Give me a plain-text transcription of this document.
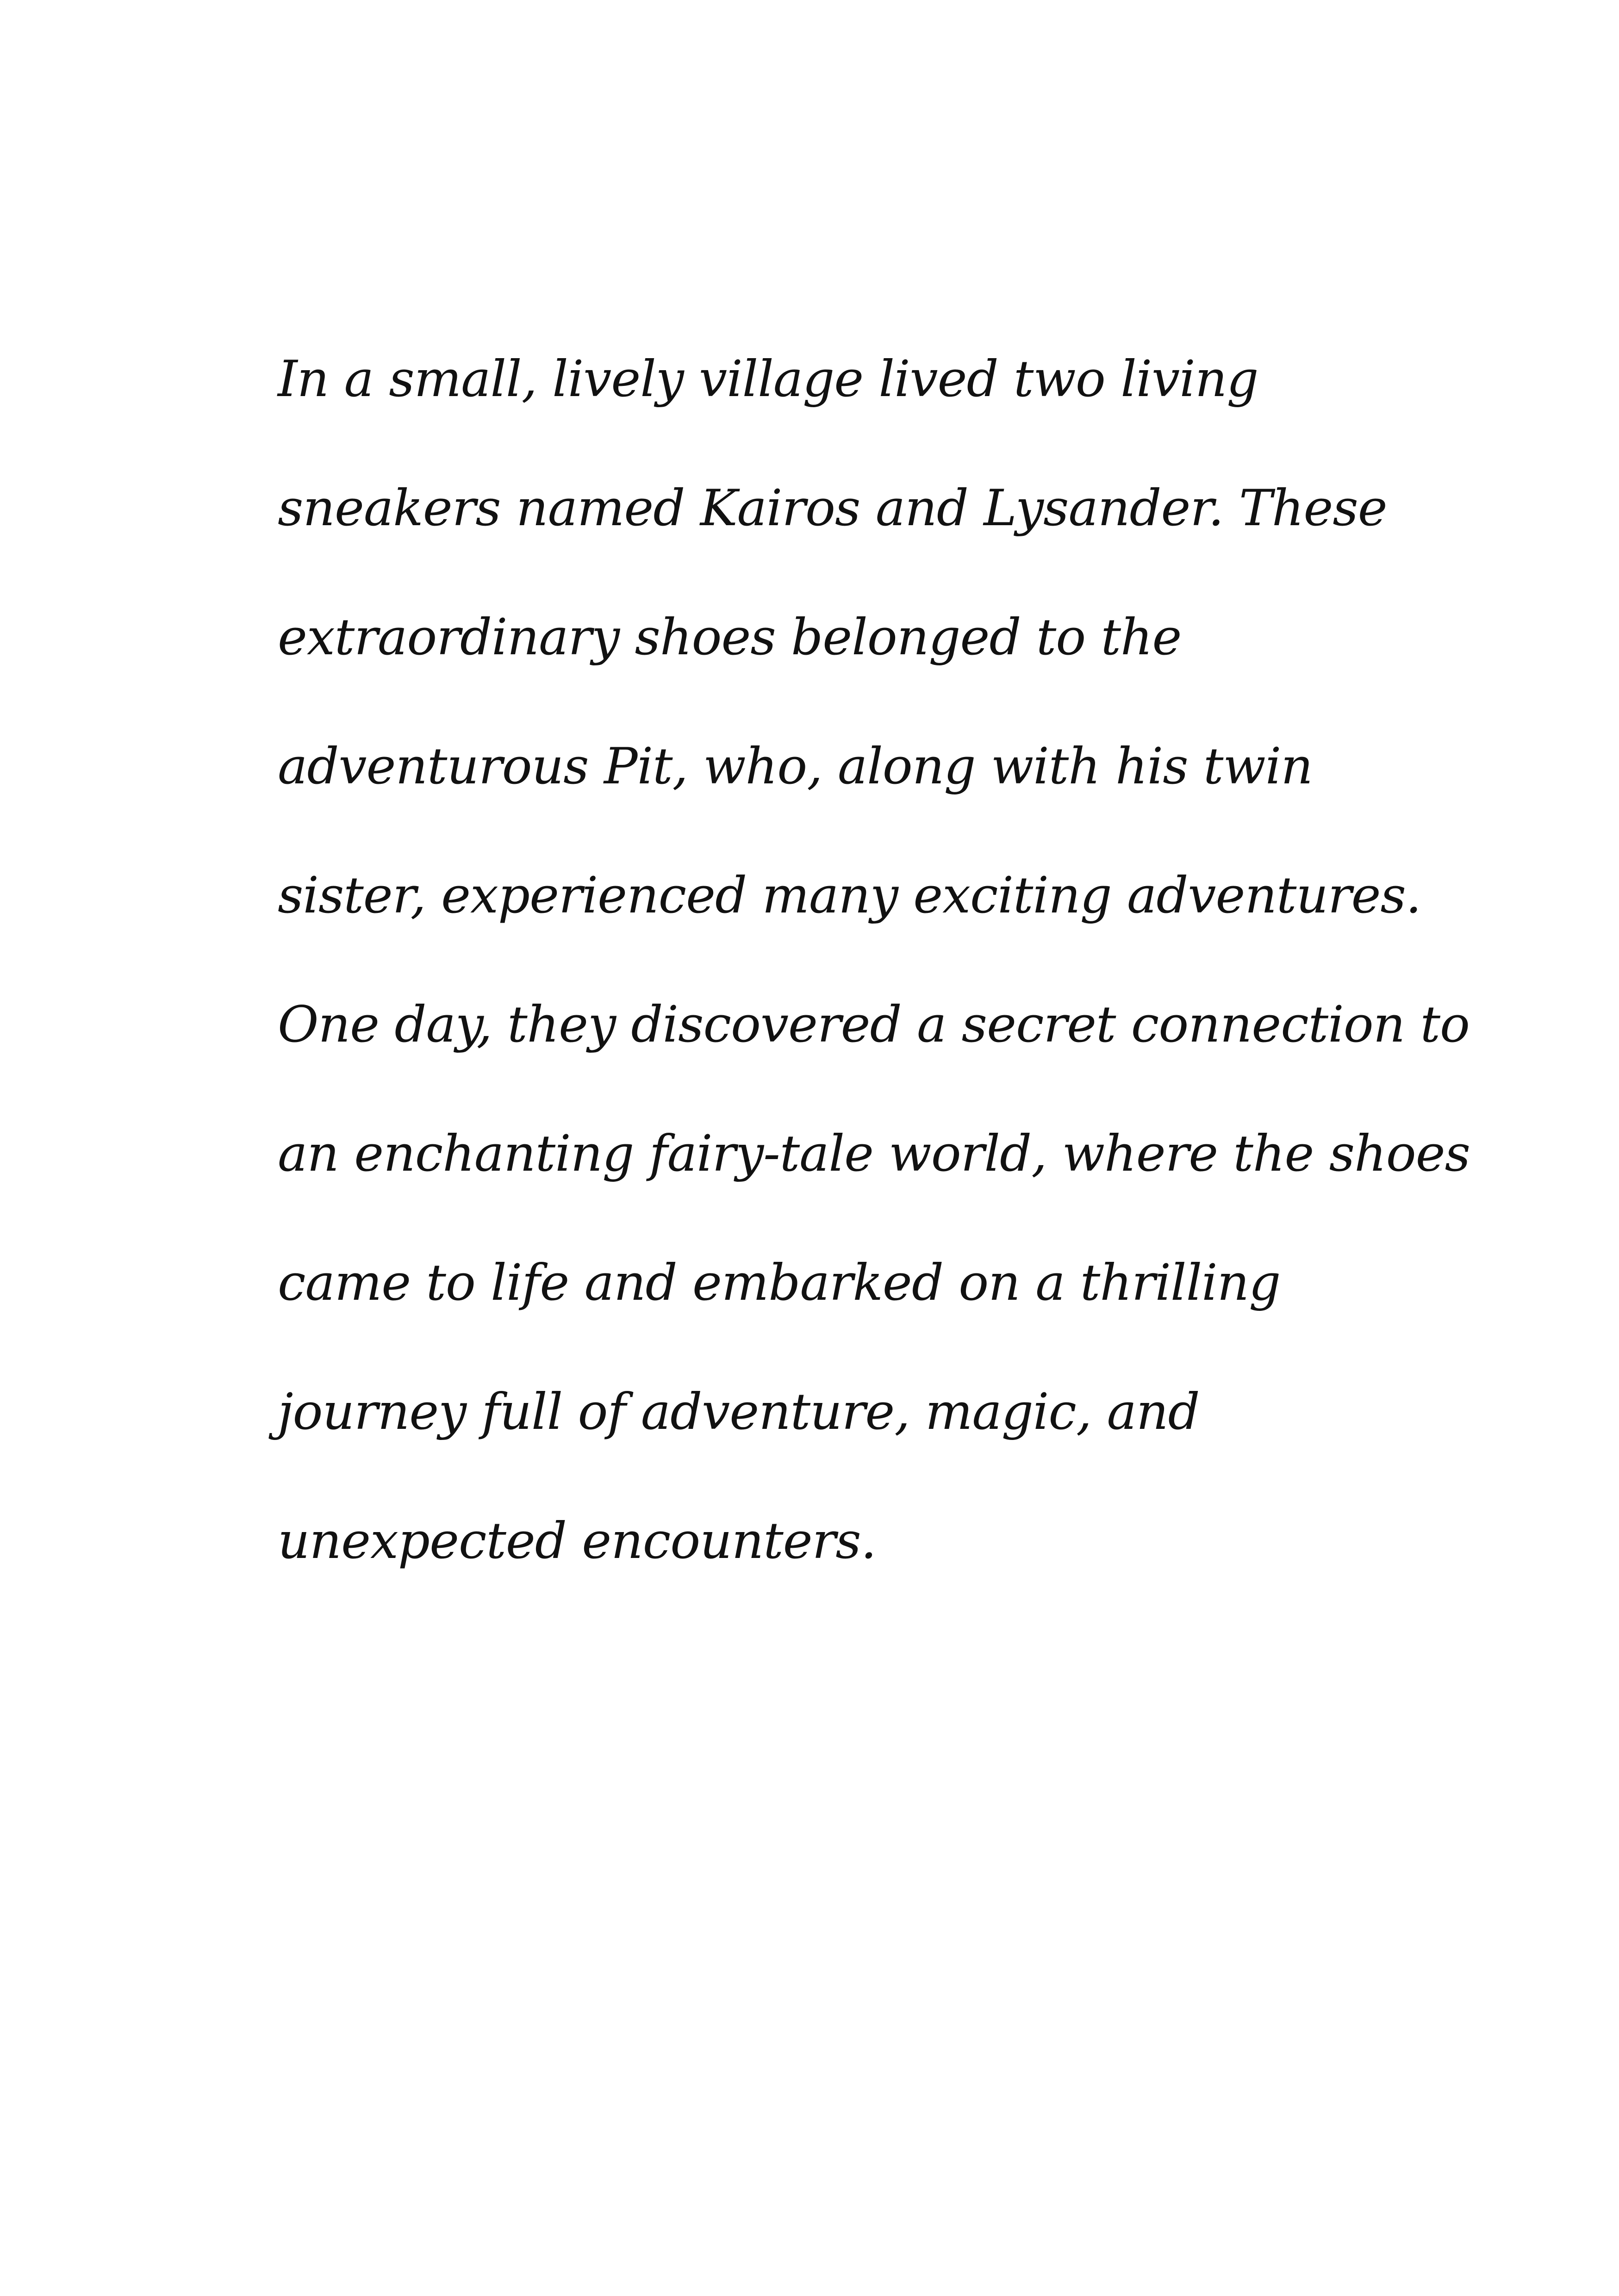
In a small, lively village lived two living
sneakers named Kairos and Lysander. These
extraordinary shoes belonged to the
adventurous Pit, who, along with his twin
sister, experienced many exciting adventures.
One day, they discovered a secret connection to
an enchanting fairy-tale world, where the shoes
came to life and embarked on a thrilling
journey full of adventure, magic, and
unexpected encounters.
